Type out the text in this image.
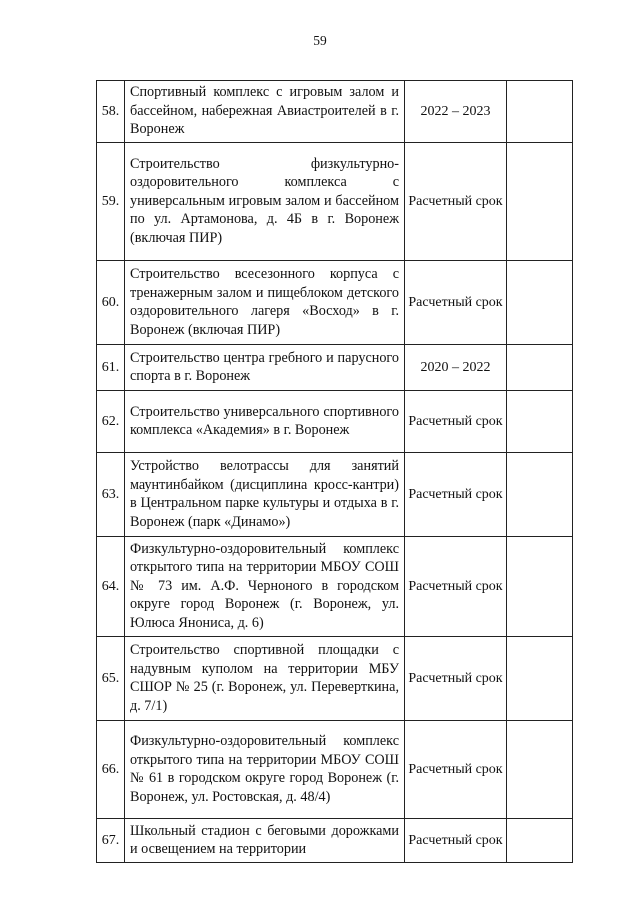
59
58.	Спортивный комплекс с игровым залом и бассейном, набережная Авиастроителей в г. Воронеж	2022 – 2023	
59.	Строительство физкультурно-оздоровительного комплекса с универсальным игровым залом и бассейном по ул. Артамонова, д. 4Б в г. Воронеж (включая ПИР)	Расчетный срок	
60.	Строительство всесезонного корпуса с тренажерным залом и пищеблоком детского оздоровительного лагеря «Восход» в г. Воронеж (включая ПИР)	Расчетный срок	
61.	Строительство центра гребного и парусного спорта в г. Воронеж	2020 – 2022	
62.	Строительство универсального спортивного комплекса «Академия» в г. Воронеж	Расчетный срок	
63.	Устройство велотрассы для занятий маунтинбайком (дисциплина кросс-кантри) в Центральном парке культуры и отдыха в г. Воронеж (парк «Динамо»)	Расчетный срок	
64.	Физкультурно-оздоровительный комплекс открытого типа на территории МБОУ СОШ № 73 им. А.Ф. Черноного в городском округе город Воронеж (г. Воронеж, ул. Юлюса Янониса, д. 6)	Расчетный срок	
65.	Строительство спортивной площадки с надувным куполом на территории МБУ СШОР № 25 (г. Воронеж, ул. Переверткина, д. 7/1)	Расчетный срок	
66.	Физкультурно-оздоровительный комплекс открытого типа на территории МБОУ СОШ № 61 в городском округе город Воронеж (г. Воронеж, ул. Ростовская, д. 48/4)	Расчетный срок	
67.	Школьный стадион с беговыми дорожками и освещением на территории	Расчетный срок	
